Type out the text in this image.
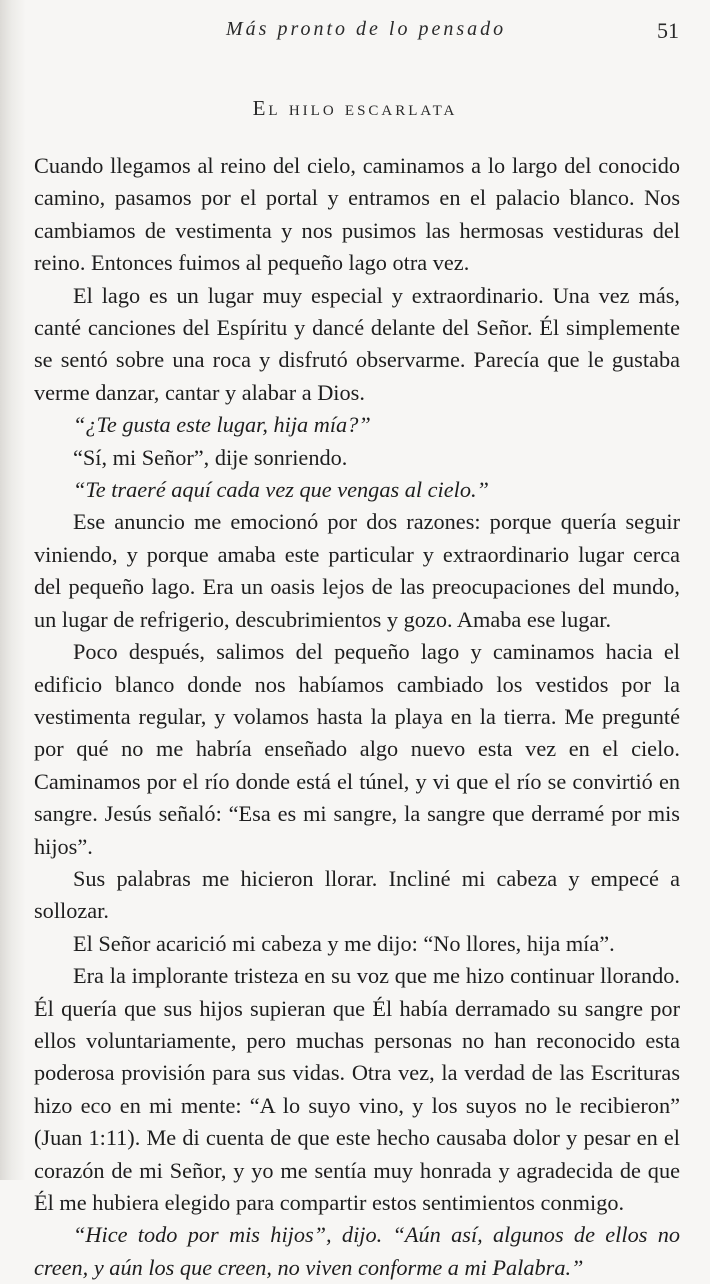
Más pronto de lo pensado	51
El hilo escarlata

Cuando llegamos al reino del cielo, caminamos a lo largo del conocido camino, pasamos por el portal y entramos en el palacio blanco. Nos cambiamos de vestimenta y nos pusimos las hermosas vestiduras del reino. Entonces fuimos al pequeño lago otra vez.

El lago es un lugar muy especial y extraordinario. Una vez más, canté canciones del Espíritu y dancé delante del Señor. Él simplemente se sentó sobre una roca y disfrutó observarme. Parecía que le gustaba verme danzar, cantar y alabar a Dios.

“¿Te gusta este lugar, hija mía?”

“Sí, mi Señor”, dije sonriendo.

“Te traeré aquí cada vez que vengas al cielo.”

Ese anuncio me emocionó por dos razones: porque quería seguir viniendo, y porque amaba este particular y extraordinario lugar cerca del pequeño lago. Era un oasis lejos de las preocupaciones del mundo, un lugar de refrigerio, descubrimientos y gozo. Amaba ese lugar.

Poco después, salimos del pequeño lago y caminamos hacia el edificio blanco donde nos habíamos cambiado los vestidos por la vestimenta regular, y volamos hasta la playa en la tierra. Me pregunté por qué no me habría enseñado algo nuevo esta vez en el cielo. Caminamos por el río donde está el túnel, y vi que el río se convirtió en sangre. Jesús señaló: “Esa es mi sangre, la sangre que derramé por mis hijos”.

Sus palabras me hicieron llorar. Incliné mi cabeza y empecé a sollozar.

El Señor acarició mi cabeza y me dijo: “No llores, hija mía”.

Era la implorante tristeza en su voz que me hizo continuar llorando. Él quería que sus hijos supieran que Él había derramado su sangre por ellos voluntariamente, pero muchas personas no han reconocido esta poderosa provisión para sus vidas. Otra vez, la verdad de las Escrituras hizo eco en mi mente: “A lo suyo vino, y los suyos no le recibieron” (Juan 1:11). Me di cuenta de que este hecho causaba dolor y pesar en el corazón de mi Señor, y yo me sentía muy honrada y agradecida de que Él me hubiera elegido para compartir estos sentimientos conmigo.

“Hice todo por mis hijos”, dijo. “Aún así, algunos de ellos no creen, y aún los que creen, no viven conforme a mi Palabra.”
